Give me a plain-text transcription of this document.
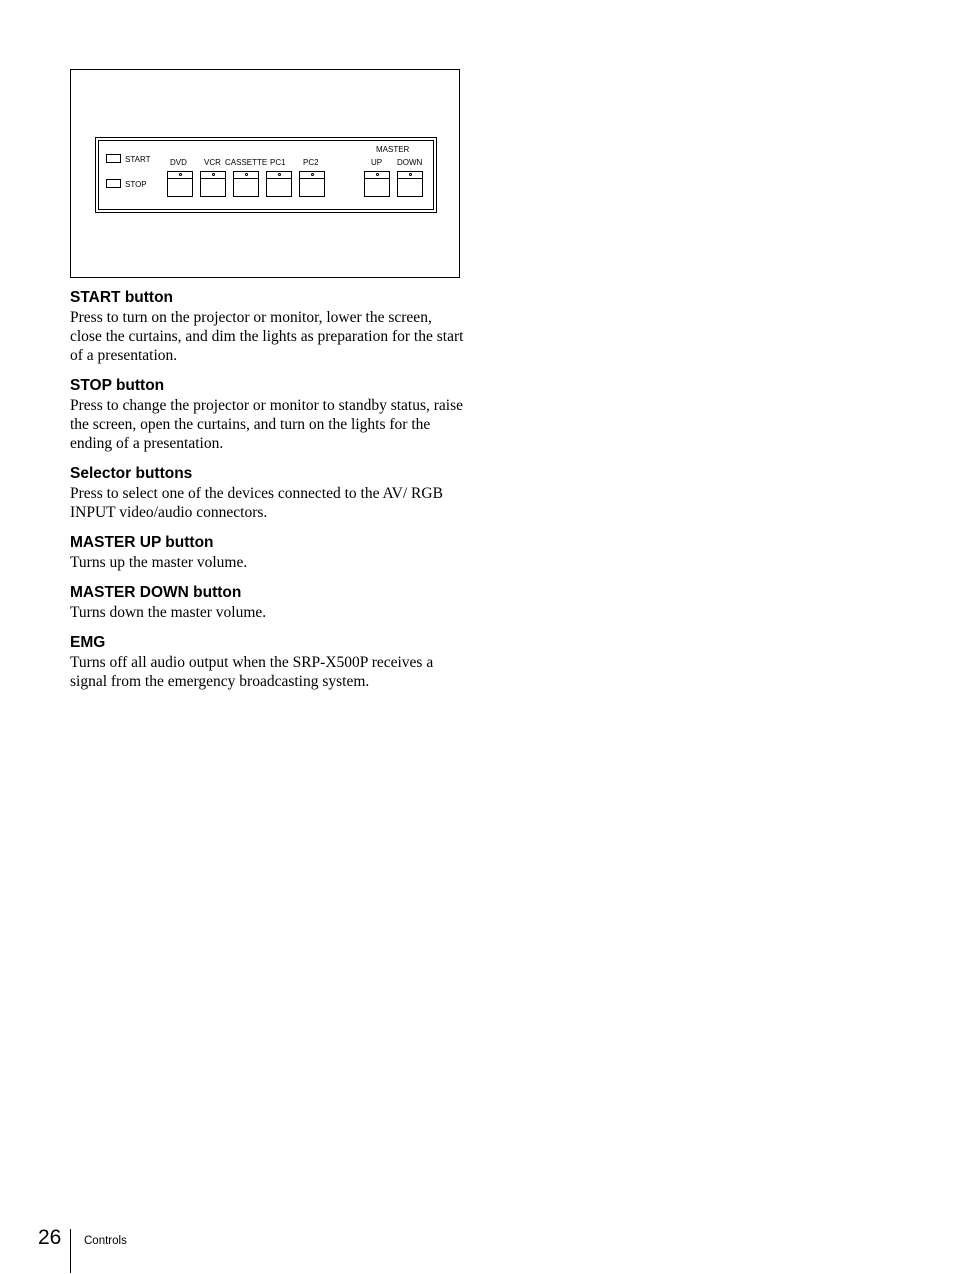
START
STOP
DVD VCR CASSETTE PC1 PC2
MASTER
UP DOWN
START button

Press to turn on the projector or monitor, lower the screen, close the curtains, and dim the lights as preparation for the start of a presentation.

STOP button

Press to change the projector or monitor to standby status, raise the screen, open the curtains, and turn on the lights for the ending of a presentation.

Selector buttons

Press to select one of the devices connected to the AV/ RGB INPUT video/audio connectors.

MASTER UP button

Turns up the master volume.

MASTER DOWN button

Turns down the master volume.

EMG

Turns off all audio output when the SRP-X500P receives a signal from the emergency broadcasting system.

26 Controls
